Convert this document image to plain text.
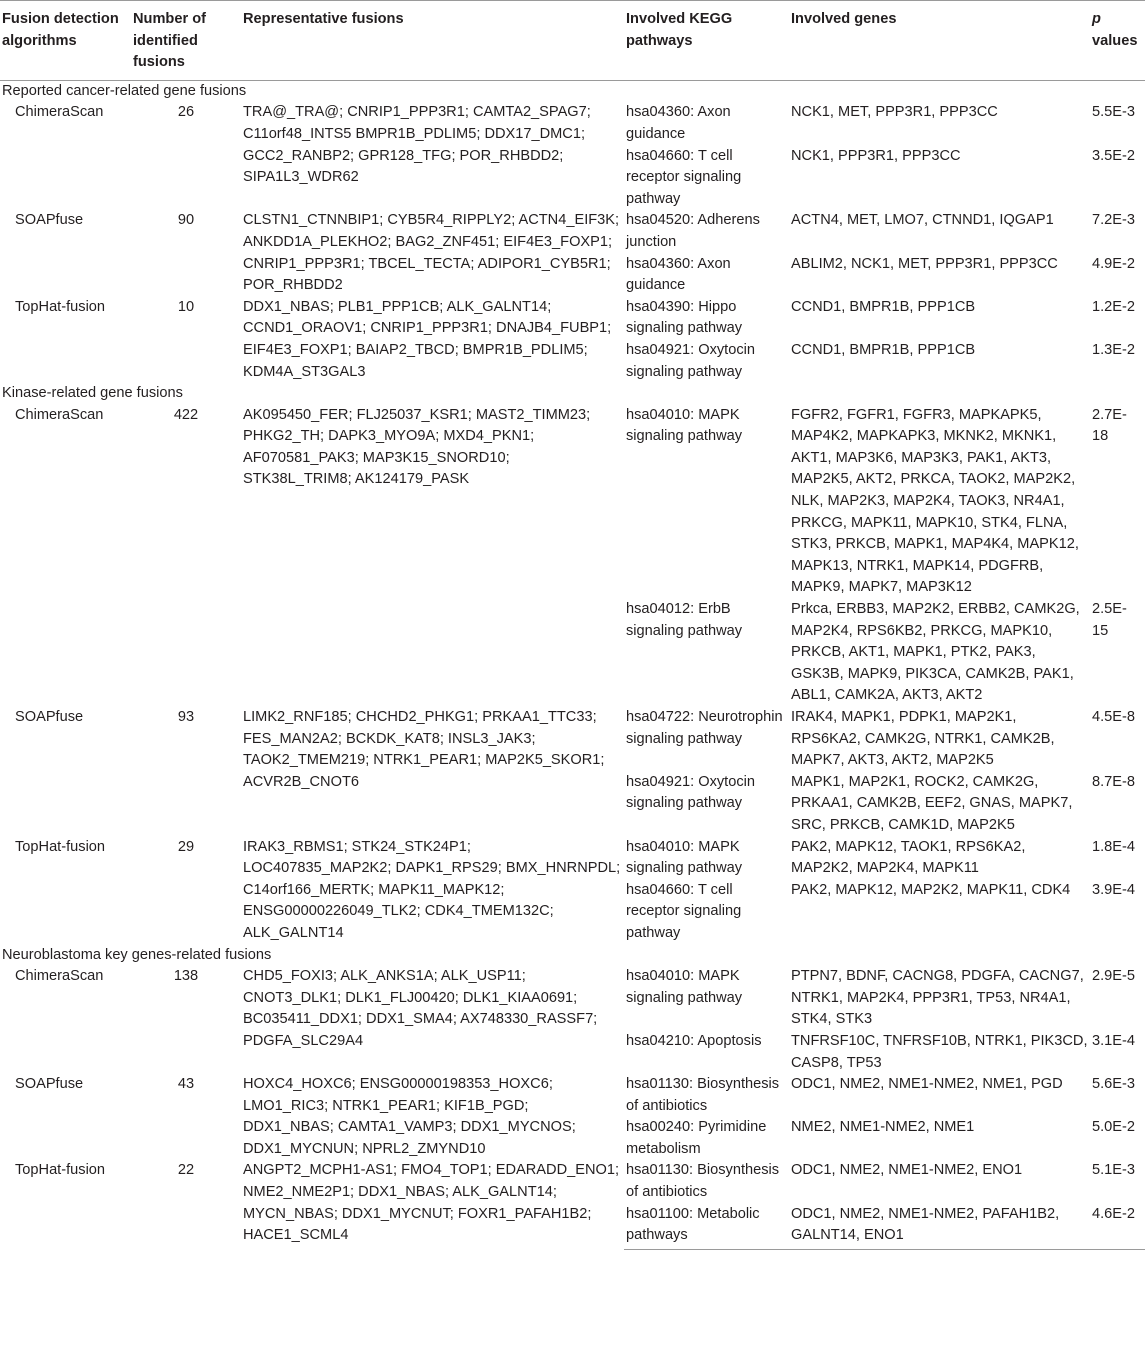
Fusion detection algorithms	Number of identified fusions	Representative fusions	Involved KEGG pathways	Involved genes	p
values
Reported cancer-related gene fusions					
ChimeraScan	26	TRA@_TRA@; CNRIP1_PPP3R1; CAMTA2_SPAG7; C11orf48_INTS5 BMPR1B_PDLIM5; DDX17_DMC1; GCC2_RANBP2; GPR128_TFG; POR_RHBDD2; SIPA1L3_WDR62	hsa04360: Axon guidance	NCK1, MET, PPP3R1, PPP3CC	5.5E-3
			hsa04660: T cell receptor signaling pathway	NCK1, PPP3R1, PPP3CC	3.5E-2
SOAPfuse	90	CLSTN1_CTNNBIP1; CYB5R4_RIPPLY2; ACTN4_EIF3K; ANKDD1A_PLEKHO2; BAG2_ZNF451; EIF4E3_FOXP1; CNRIP1_PPP3R1; TBCEL_TECTA; ADIPOR1_CYB5R1; POR_RHBDD2	hsa04520: Adherens junction	ACTN4, MET, LMO7, CTNND1, IQGAP1	7.2E-3
			hsa04360: Axon guidance	ABLIM2, NCK1, MET, PPP3R1, PPP3CC	4.9E-2
TopHat-fusion	10	DDX1_NBAS; PLB1_PPP1CB; ALK_GALNT14; CCND1_ORAOV1; CNRIP1_PPP3R1; DNAJB4_FUBP1; EIF4E3_FOXP1; BAIAP2_TBCD; BMPR1B_PDLIM5; KDM4A_ST3GAL3	hsa04390: Hippo signaling pathway	CCND1, BMPR1B, PPP1CB	1.2E-2
			hsa04921: Oxytocin signaling pathway	CCND1, BMPR1B, PPP1CB	1.3E-2
Kinase-related gene fusions					
ChimeraScan	422	AK095450_FER; FLJ25037_KSR1; MAST2_TIMM23; PHKG2_TH; DAPK3_MYO9A; MXD4_PKN1; AF070581_PAK3; MAP3K15_SNORD10; STK38L_TRIM8; AK124179_PASK	hsa04010: MAPK signaling pathway	FGFR2, FGFR1, FGFR3, MAPKAPK5, MAP4K2, MAPKAPK3, MKNK2, MKNK1, AKT1, MAP3K6, MAP3K3, PAK1, AKT3, MAP2K5, AKT2, PRKCA, TAOK2, MAP2K2, NLK, MAP2K3, MAP2K4, TAOK3, NR4A1, PRKCG, MAPK11, MAPK10, STK4, FLNA, STK3, PRKCB, MAPK1, MAP4K4, MAPK12, MAPK13, NTRK1, MAPK14, PDGFRB, MAPK9, MAPK7, MAP3K12	2.7E-18
			hsa04012: ErbB signaling pathway	Prkca, ERBB3, MAP2K2, ERBB2, CAMK2G, MAP2K4, RPS6KB2, PRKCG, MAPK10, PRKCB, AKT1, MAPK1, PTK2, PAK3, GSK3B, MAPK9, PIK3CA, CAMK2B, PAK1, ABL1, CAMK2A, AKT3, AKT2	2.5E-15
SOAPfuse	93	LIMK2_RNF185; CHCHD2_PHKG1; PRKAA1_TTC33; FES_MAN2A2; BCKDK_KAT8; INSL3_JAK3; TAOK2_TMEM219; NTRK1_PEAR1; MAP2K5_SKOR1; ACVR2B_CNOT6	hsa04722: Neurotrophin signaling pathway	IRAK4, MAPK1, PDPK1, MAP2K1, RPS6KA2, CAMK2G, NTRK1, CAMK2B, MAPK7, AKT3, AKT2, MAP2K5	4.5E-8
			hsa04921: Oxytocin signaling pathway	MAPK1, MAP2K1, ROCK2, CAMK2G, PRKAA1, CAMK2B, EEF2, GNAS, MAPK7, SRC, PRKCB, CAMK1D, MAP2K5	8.7E-8
TopHat-fusion	29	IRAK3_RBMS1; STK24_STK24P1; LOC407835_MAP2K2; DAPK1_RPS29; BMX_HNRNPDL; C14orf166_MERTK; MAPK11_MAPK12; ENSG00000226049_TLK2; CDK4_TMEM132C; ALK_GALNT14	hsa04010: MAPK signaling pathway	PAK2, MAPK12, TAOK1, RPS6KA2, MAP2K2, MAP2K4, MAPK11	1.8E-4
			hsa04660: T cell receptor signaling pathway	PAK2, MAPK12, MAP2K2, MAPK11, CDK4	3.9E-4
Neuroblastoma key genes-related fusions					
ChimeraScan	138	CHD5_FOXI3; ALK_ANKS1A; ALK_USP11; CNOT3_DLK1; DLK1_FLJ00420; DLK1_KIAA0691; BC035411_DDX1; DDX1_SMA4; AX748330_RASSF7; PDGFA_SLC29A4	hsa04010: MAPK signaling pathway	PTPN7, BDNF, CACNG8, PDGFA, CACNG7, NTRK1, MAP2K4, PPP3R1, TP53, NR4A1, STK4, STK3	2.9E-5
			hsa04210: Apoptosis	TNFRSF10C, TNFRSF10B, NTRK1, PIK3CD, CASP8, TP53	3.1E-4
SOAPfuse	43	HOXC4_HOXC6; ENSG00000198353_HOXC6; LMO1_RIC3; NTRK1_PEAR1; KIF1B_PGD; DDX1_NBAS; CAMTA1_VAMP3; DDX1_MYCNOS; DDX1_MYCNUN; NPRL2_ZMYND10	hsa01130: Biosynthesis of antibiotics	ODC1, NME2, NME1-NME2, NME1, PGD	5.6E-3
			hsa00240: Pyrimidine metabolism	NME2, NME1-NME2, NME1	5.0E-2
TopHat-fusion	22	ANGPT2_MCPH1-AS1; FMO4_TOP1; EDARADD_ENO1; NME2_NME2P1; DDX1_NBAS; ALK_GALNT14; MYCN_NBAS; DDX1_MYCNUT; FOXR1_PAFAH1B2; HACE1_SCML4	hsa01130: Biosynthesis of antibiotics	ODC1, NME2, NME1-NME2, ENO1	5.1E-3
			hsa01100: Metabolic pathways	ODC1, NME2, NME1-NME2, PAFAH1B2, GALNT14, ENO1	4.6E-2
